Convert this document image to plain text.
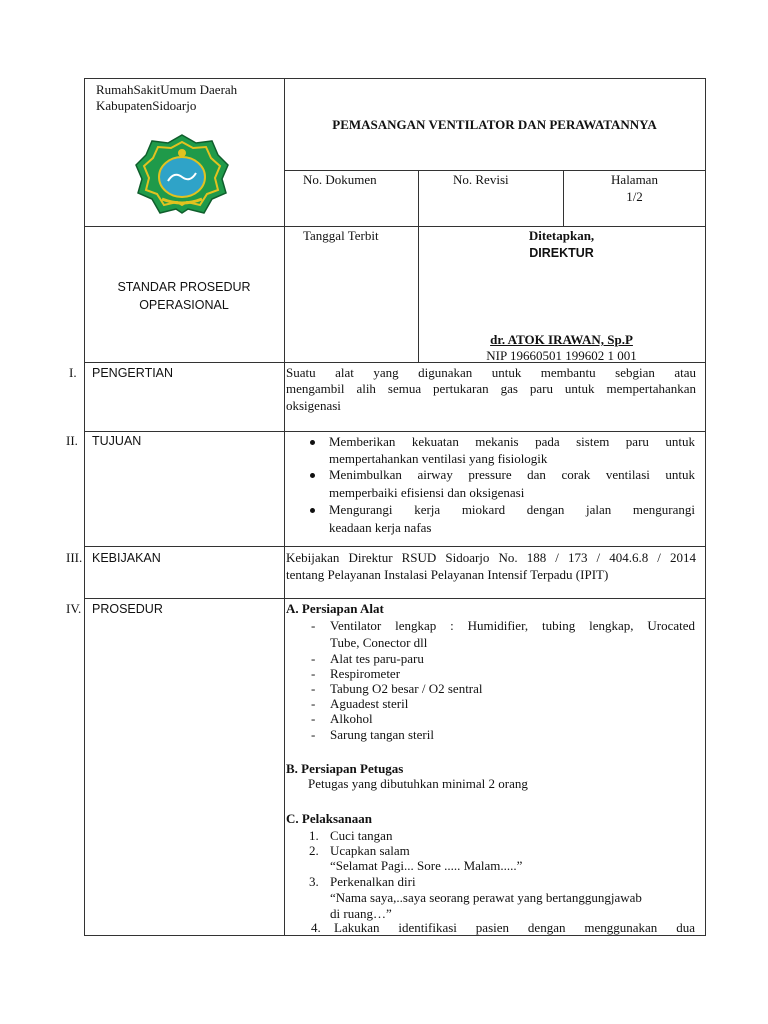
RumahSakitUmum Daerah
KabupatenSidoarjo
PEMASANGAN VENTILATOR DAN PERAWATANNYA
No. Dokumen	No. Revisi	Halaman
1/2
STANDAR PROSEDUR
OPERASIONAL
Tanggal Terbit	Ditetapkan,
DIREKTUR
dr. ATOK IRAWAN, Sp.P
NIP 19660501 199602 1 001
I. PENGERTIAN	Suatu alat yang digunakan untuk membantu sebgian atau
mengambil alih semua pertukaran gas paru untuk mempertahankan
oksigenasi
II. TUJUAN	Memberikan kekuatan mekanis pada sistem paru untuk
mempertahankan ventilasi yang fisiologik
Menimbulkan airway pressure dan corak ventilasi untuk
memperbaiki efisiensi dan oksigenasi
Mengurangi kerja miokard dengan jalan mengurangi
keadaan kerja nafas
III. KEBIJAKAN	Kebijakan Direktur RSUD Sidoarjo No. 188 / 173 / 404.6.8 / 2014
tentang Pelayanan Instalasi Pelayanan Intensif Terpadu (IPIT)
IV. PROSEDUR	A. Persiapan Alat
- Ventilator lengkap : Humidifier, tubing lengkap, Urocated
Tube, Conector dll
- Alat tes paru-paru
- Respirometer
- Tabung O2 besar / O2 sentral
- Aguadest steril
- Alkohol
- Sarung tangan steril
B. Persiapan Petugas
Petugas yang dibutuhkan minimal 2 orang
C. Pelaksanaan
1. Cuci tangan
2. Ucapkan salam
“Selamat Pagi... Sore ..... Malam.....”
3. Perkenalkan diri
“Nama saya,..saya seorang perawat yang bertanggungjawab
di ruang…”
4. Lakukan identifikasi pasien dengan menggunakan dua
